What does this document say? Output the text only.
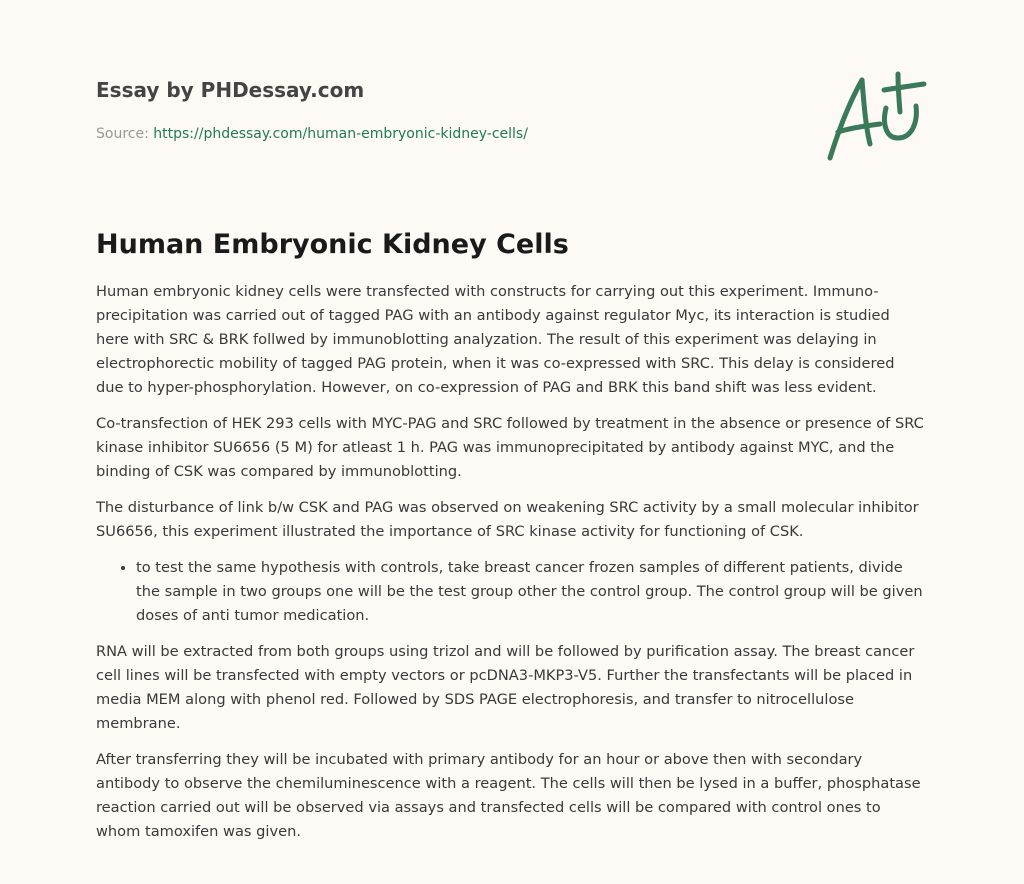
Essay by PHDessay.com
Source: https://phdessay.com/human-embryonic-kidney-cells/
Human Embryonic Kidney Cells

Human embryonic kidney cells were transfected with constructs for carrying out this experiment. Immuno-precipitation was carried out of tagged PAG with an antibody against regulator Myc, its interaction is studied here with SRC & BRK follwed by immunoblotting analyzation. The result of this experiment was delaying in electrophorectic mobility of tagged PAG protein, when it was co-expressed with SRC. This delay is considered due to hyper-phosphorylation. However, on co-expression of PAG and BRK this band shift was less evident.

Co-transfection of HEK 293 cells with MYC-PAG and SRC followed by treatment in the absence or presence of SRC kinase inhibitor SU6656 (5 M) for atleast 1 h. PAG was immunoprecipitated by antibody against MYC, and the binding of CSK was compared by immunoblotting.

The disturbance of link b/w CSK and PAG was observed on weakening SRC activity by a small molecular inhibitor SU6656, this experiment illustrated the importance of SRC kinase activity for functioning of CSK.

• to test the same hypothesis with controls, take breast cancer frozen samples of different patients, divide the sample in two groups one will be the test group other the control group. The control group will be given doses of anti tumor medication.

RNA will be extracted from both groups using trizol and will be followed by purification assay. The breast cancer cell lines will be transfected with empty vectors or pcDNA3-MKP3-V5. Further the transfectants will be placed in media MEM along with phenol red. Followed by SDS PAGE electrophoresis, and transfer to nitrocellulose membrane.

After transferring they will be incubated with primary antibody for an hour or above then with secondary antibody to observe the chemiluminescence with a reagent. The cells will then be lysed in a buffer, phosphatase reaction carried out will be observed via assays and transfected cells will be compared with control ones to whom tamoxifen was given.
